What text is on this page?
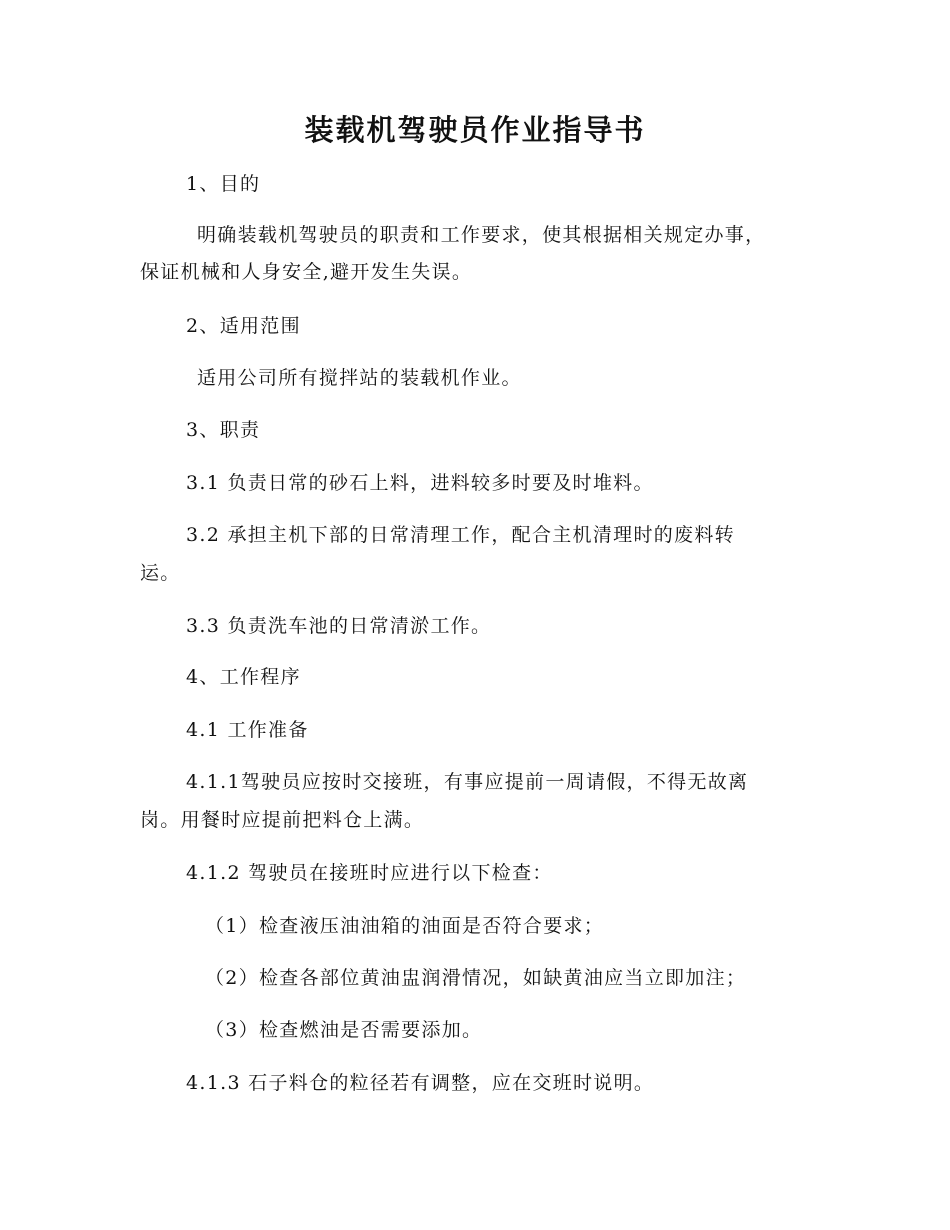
装载机驾驶员作业指导书

1、目的

明确装载机驾驶员的职责和工作要求，使其根据相关规定办事，

保证机械和人身安全,避开发生失误。

2、适用范围

适用公司所有搅拌站的装载机作业。

3、职责

3.1 负责日常的砂石上料，进料较多时要及时堆料。

3.2 承担主机下部的日常清理工作，配合主机清理时的废料转

运。

3.3 负责洗车池的日常清淤工作。

4、工作程序

4.1 工作准备

4.1.1驾驶员应按时交接班，有事应提前一周请假，不得无故离

岗。用餐时应提前把料仓上满。

4.1.2 驾驶员在接班时应进行以下检查：

（1）检查液压油油箱的油面是否符合要求；

（2）检查各部位黄油盅润滑情况，如缺黄油应当立即加注；

（3）检查燃油是否需要添加。

4.1.3 石子料仓的粒径若有调整，应在交班时说明。
